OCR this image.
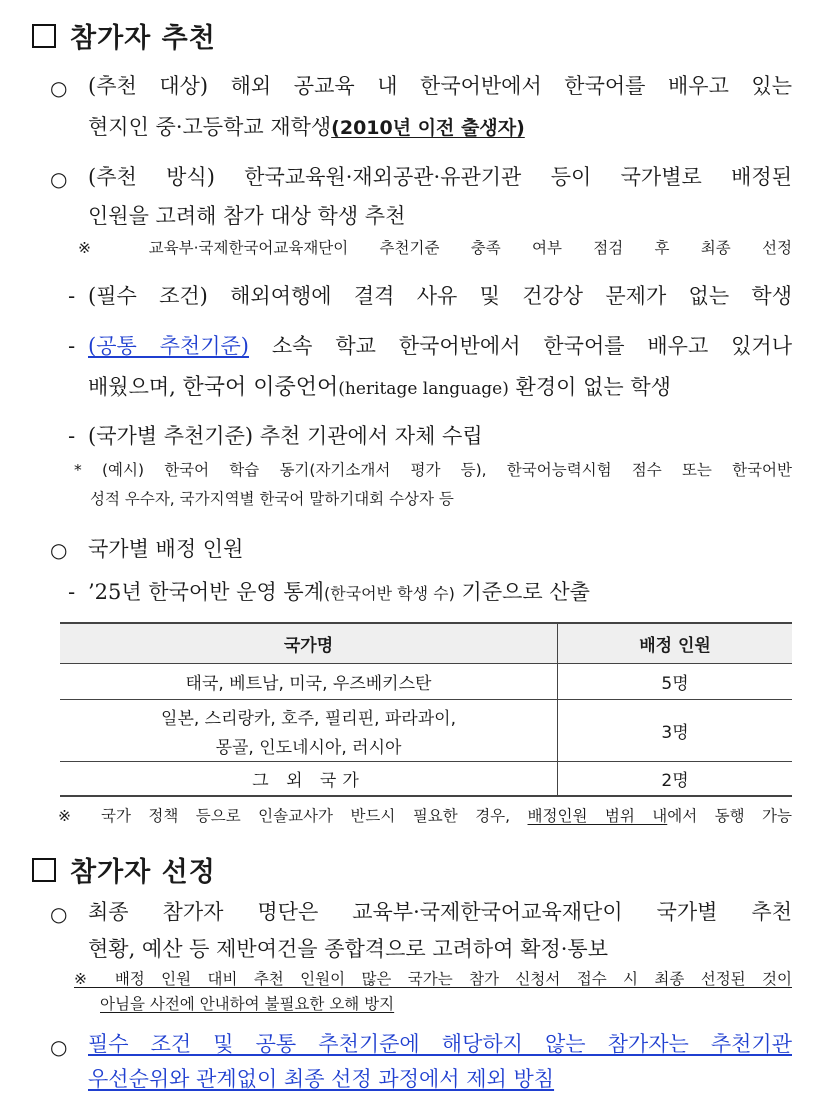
참가자 추천
○ (추천 대상) 해외 공교육 내 한국어반에서 한국어를 배우고 있는
현지인 중·고등학교 재학생(2010년 이전 출생자)
○ (추천 방식) 한국교육원·재외공관·유관기관 등이 국가별로 배정된
인원을 고려해 참가 대상 학생 추천
※ 교육부·국제한국어교육재단이 추천기준 충족 여부 점검 후 최종 선정
- (필수 조건) 해외여행에 결격 사유 및 건강상 문제가 없는 학생
- (공통 추천기준) 소속 학교 한국어반에서 한국어를 배우고 있거나
배웠으며, 한국어 이중언어(heritage language) 환경이 없는 학생
- (국가별 추천기준) 추천 기관에서 자체 수립
* (예시) 한국어 학습 동기(자기소개서 평가 등), 한국어능력시험 점수 또는 한국어반
성적 우수자, 국가지역별 한국어 말하기대회 수상자 등
○ 국가별 배정 인원
- ’25년 한국어반 운영 통계(한국어반 학생 수) 기준으로 산출
국가명	배정 인원
태국, 베트남, 미국, 우즈베키스탄	5명

일본, 스리랑카, 호주, 필리핀, 파라과이,
몽골, 인도네시아, 러시아	3명
그 외 국가	2명
※ 국가 정책 등으로 인솔교사가 반드시 필요한 경우, 배정인원 범위 내에서 동행 가능
참가자 선정
○ 최종 참가자 명단은 교육부·국제한국어교육재단이 국가별 추천
현황, 예산 등 제반여건을 종합격으로 고려하여 확정·통보
※ 배정 인원 대비 추천 인원이 많은 국가는 참가 신청서 접수 시 최종 선정된 것이
아님을 사전에 안내하여 불필요한 오해 방지
○ 필수 조건 및 공통 추천기준에 해당하지 않는 참가자는 추천기관
우선순위와 관계없이 최종 선정 과정에서 제외 방침
